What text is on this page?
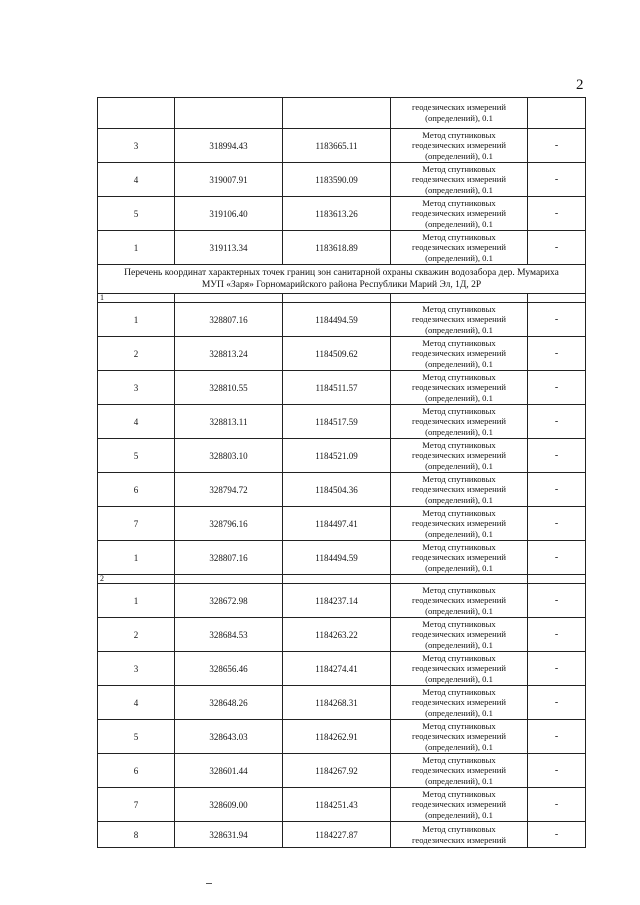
2
			геодезических измерений
(определений), 0.1	
3	318994.43	1183665.11	Метод спутниковых
геодезических измерений
(определений), 0.1	-
4	319007.91	1183590.09	Метод спутниковых
геодезических измерений
(определений), 0.1	-
5	319106.40	1183613.26	Метод спутниковых
геодезических измерений
(определений), 0.1	-
1	319113.34	1183618.89	Метод спутниковых
геодезических измерений
(определений), 0.1	-
Перечень координат характерных точек границ зон санитарной охраны скважин водозабора дер. Мумариха
МУП «Заря» Горномарийского района Республики Марий Эл, 1Д, 2Р				
1				
1	328807.16	1184494.59	Метод спутниковых
геодезических измерений
(определений), 0.1	-
2	328813.24	1184509.62	Метод спутниковых
геодезических измерений
(определений), 0.1	-
3	328810.55	1184511.57	Метод спутниковых
геодезических измерений
(определений), 0.1	-
4	328813.11	1184517.59	Метод спутниковых
геодезических измерений
(определений), 0.1	-
5	328803.10	1184521.09	Метод спутниковых
геодезических измерений
(определений), 0.1	-
6	328794.72	1184504.36	Метод спутниковых
геодезических измерений
(определений), 0.1	-
7	328796.16	1184497.41	Метод спутниковых
геодезических измерений
(определений), 0.1	-
1	328807.16	1184494.59	Метод спутниковых
геодезических измерений
(определений), 0.1	-
2				
1	328672.98	1184237.14	Метод спутниковых
геодезических измерений
(определений), 0.1	-
2	328684.53	1184263.22	Метод спутниковых
геодезических измерений
(определений), 0.1	-
3	328656.46	1184274.41	Метод спутниковых
геодезических измерений
(определений), 0.1	-
4	328648.26	1184268.31	Метод спутниковых
геодезических измерений
(определений), 0.1	-
5	328643.03	1184262.91	Метод спутниковых
геодезических измерений
(определений), 0.1	-
6	328601.44	1184267.92	Метод спутниковых
геодезических измерений
(определений), 0.1	-
7	328609.00	1184251.43	Метод спутниковых
геодезических измерений
(определений), 0.1	-
8	328631.94	1184227.87	Метод спутниковых
геодезических измерений	-
